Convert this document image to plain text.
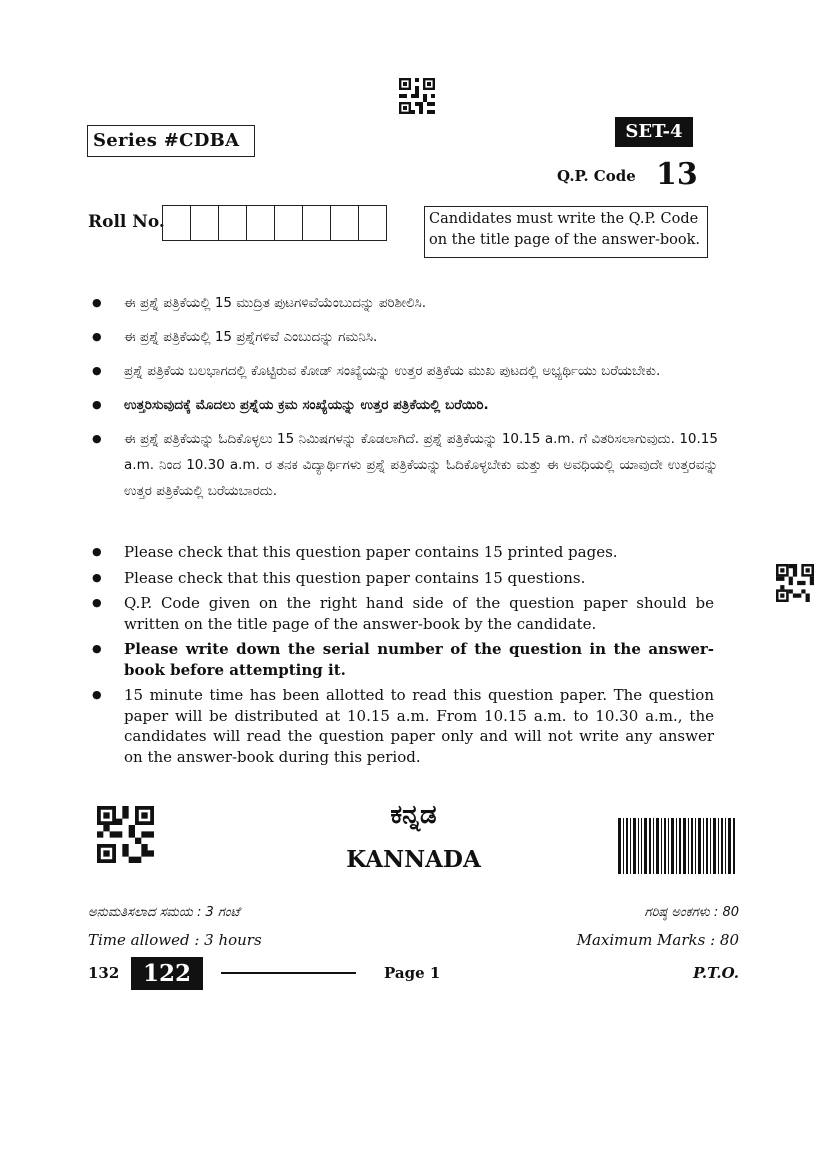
Series #CDBA	SET-4
Q.P. Code 13
Roll No.	Candidates must write the Q.P. Code on the title page of the answer-book.
● ಈ ಪ್ರಶ್ನೆ ಪತ್ರಿಕೆಯಲ್ಲಿ 15 ಮುದ್ರಿತ ಪುಟಗಳಿವೆಯೆಂಬುದನ್ನು ಪರಿಶೀಲಿಸಿ.
● ಈ ಪ್ರಶ್ನೆ ಪತ್ರಿಕೆಯಲ್ಲಿ 15 ಪ್ರಶ್ನೆಗಳಿವೆ ಎಂಬುದನ್ನು ಗಮನಿಸಿ.
● ಪ್ರಶ್ನೆ ಪತ್ರಿಕೆಯ ಬಲಭಾಗದಲ್ಲಿ ಕೊಟ್ಟಿರುವ ಕೋಡ್ ಸಂಖ್ಯೆಯನ್ನು ಉತ್ತರ ಪತ್ರಿಕೆಯ ಮುಖ ಪುಟದಲ್ಲಿ ಅಭ್ಯರ್ಥಿಯು ಬರೆಯಬೇಕು.
● ಉತ್ತರಿಸುವುದಕ್ಕೆ ಮೊದಲು ಪ್ರಶ್ನೆಯ ಕ್ರಮ ಸಂಖ್ಯೆಯನ್ನು ಉತ್ತರ ಪತ್ರಿಕೆಯಲ್ಲಿ ಬರೆಯಿರಿ.
● ಈ ಪ್ರಶ್ನೆ ಪತ್ರಿಕೆಯನ್ನು ಓದಿಕೊಳ್ಳಲು 15 ನಿಮಿಷಗಳನ್ನು ಕೊಡಲಾಗಿದೆ. ಪ್ರಶ್ನೆ ಪತ್ರಿಕೆಯನ್ನು 10.15 a.m. ಗೆ ವಿತರಿಸಲಾಗುವುದು. 10.15 a.m. ನಿಂದ 10.30 a.m. ರ ತನಕ ವಿದ್ಯಾರ್ಥಿಗಳು ಪ್ರಶ್ನೆ ಪತ್ರಿಕೆಯನ್ನು ಓದಿಕೊಳ್ಳಬೇಕು ಮತ್ತು ಈ ಅವಧಿಯಲ್ಲಿ ಯಾವುದೇ ಉತ್ತರವನ್ನು ಉತ್ತರ ಪತ್ರಿಕೆಯಲ್ಲಿ ಬರೆಯಬಾರದು.
● Please check that this question paper contains 15 printed pages.
● Please check that this question paper contains 15 questions.
● Q.P. Code given on the right hand side of the question paper should be written on the title page of the answer-book by the candidate.
● Please write down the serial number of the question in the answer-book before attempting it.
● 15 minute time has been allotted to read this question paper. The question paper will be distributed at 10.15 a.m. From 10.15 a.m. to 10.30 a.m., the candidates will read the question paper only and will not write any answer on the answer-book during this period.
ಕನ್ನಡ
KANNADA
ಅನುಮತಿಸಲಾದ ಸಮಯ : 3 ಗಂಟೆ	ಗರಿಷ್ಠ ಅಂಕಗಳು : 80
Time allowed : 3 hours	Maximum Marks : 80
132	122	Page 1	P.T.O.
